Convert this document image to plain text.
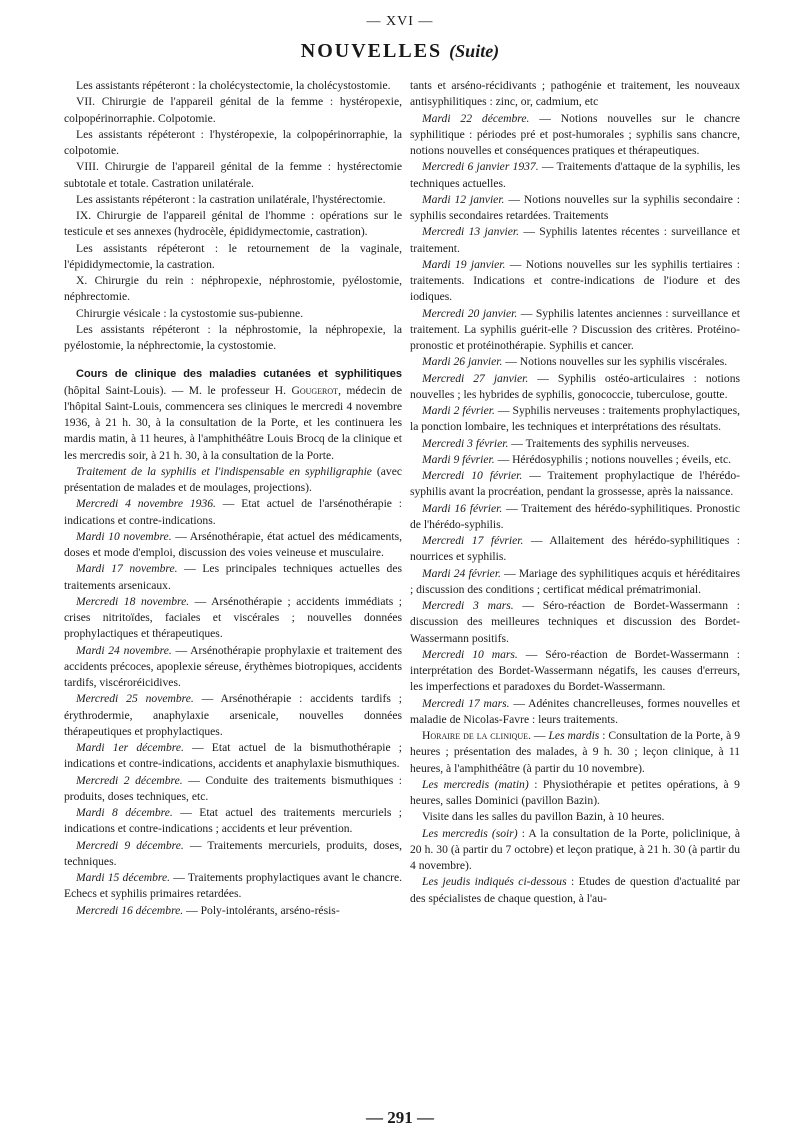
— XVI —
NOUVELLES (Suite)

Les assistants répéteront : la cholécystectomie, la cholécystostomie.

VII. Chirurgie de l'appareil génital de la femme : hystéropexie, colpopérinorraphie. Colpotomie.

Les assistants répéteront : l'hystéropexie, la colpopérinorraphie, la colpotomie.

VIII. Chirurgie de l'appareil génital de la femme : hystérectomie subtotale et totale. Castration unilatérale.

Les assistants répéteront : la castration unilatérale, l'hystérectomie.

IX. Chirurgie de l'appareil génital de l'homme : opérations sur le testicule et ses annexes (hydrocèle, épididymectomie, castration).

Les assistants répéteront : le retournement de la vaginale, l'épididymectomie, la castration.

X. Chirurgie du rein : néphropexie, néphrostomie, pyélostomie, néphrectomie.

Chirurgie vésicale : la cystostomie sus-pubienne.

Les assistants répéteront : la néphrostomie, la néphropexie, la pyélostomie, la néphrectomie, la cystostomie.

Cours de clinique des maladies cutanées et syphilitiques (hôpital Saint-Louis). — M. le professeur H. Gougerot, médecin de l'hôpital Saint-Louis, commencera ses cliniques le mercredi 4 novembre 1936, à 21 h. 30, à la consultation de la Porte, et les continuera les mardis matin, à 11 heures, à l'amphithéâtre Louis Brocq de la clinique et les mercredis soir, à 21 h. 30, à la consultation de la Porte.

Traitement de la syphilis et l'indispensable en syphiligraphie (avec présentation de malades et de moulages, projections).

Mercredi 4 novembre 1936. — Etat actuel de l'arsénothérapie : indications et contre-indications.

Mardi 10 novembre. — Arsénothérapie, état actuel des médicaments, doses et mode d'emploi, discussion des voies veineuse et musculaire.

Mardi 17 novembre. — Les principales techniques actuelles des traitements arsenicaux.

Mercredi 18 novembre. — Arsénothérapie ; accidents immédiats ; crises nitritoïdes, faciales et viscérales ; nouvelles données prophylactiques et thérapeutiques.

Mardi 24 novembre. — Arsénothérapie prophylaxie et traitement des accidents précoces, apoplexie séreuse, érythèmes biotropiques, accidents tardifs, viscéroréicidives.

Mercredi 25 novembre. — Arsénothérapie : accidents tardifs ; érythrodermie, anaphylaxie arsenicale, nouvelles données thérapeutiques et prophylactiques.

Mardi 1er décembre. — Etat actuel de la bismuthothérapie ; indications et contre-indications, accidents et anaphylaxie bismuthiques.

Mercredi 2 décembre. — Conduite des traitements bismuthiques : produits, doses techniques, etc.

Mardi 8 décembre. — Etat actuel des traitements mercuriels ; indications et contre-indications ; accidents et leur prévention.

Mercredi 9 décembre. — Traitements mercuriels, produits, doses, techniques.

Mardi 15 décembre. — Traitements prophylactiques avant le chancre. Echecs et syphilis primaires retardées.

Mercredi 16 décembre. — Poly-intolérants, arséno-résis-

tants et arséno-récidivants ; pathogénie et traitement, les nouveaux antisyphilitiques : zinc, or, cadmium, etc

Mardi 22 décembre. — Notions nouvelles sur le chancre syphilitique : périodes pré et post-humorales ; syphilis sans chancre, notions nouvelles et conséquences pratiques et thérapeutiques.

Mercredi 6 janvier 1937. — Traitements d'attaque de la syphilis, les techniques actuelles.

Mardi 12 janvier. — Notions nouvelles sur la syphilis secondaire : syphilis secondaires retardées. Traitements

Mercredi 13 janvier. — Syphilis latentes récentes : surveillance et traitement.

Mardi 19 janvier. — Notions nouvelles sur les syphilis tertiaires : traitements. Indications et contre-indications de l'iodure et des iodiques.

Mercredi 20 janvier. — Syphilis latentes anciennes : surveillance et traitement. La syphilis guérit-elle ? Discussion des critères. Protéino-pronostic et protéinothérapie. Syphilis et cancer.

Mardi 26 janvier. — Notions nouvelles sur les syphilis viscérales.

Mercredi 27 janvier. — Syphilis ostéo-articulaires : notions nouvelles ; les hybrides de syphilis, gonococcie, tuberculose, goutte.

Mardi 2 février. — Syphilis nerveuses : traitements prophylactiques, la ponction lombaire, les techniques et interprétations des résultats.

Mercredi 3 février. — Traitements des syphilis nerveuses.

Mardi 9 février. — Hérédosyphilis ; notions nouvelles ; éveils, etc.

Mercredi 10 février. — Traitement prophylactique de l'hérédo-syphilis avant la procréation, pendant la grossesse, après la naissance.

Mardi 16 février. — Traitement des hérédo-syphilitiques. Pronostic de l'hérédo-syphilis.

Mercredi 17 février. — Allaitement des hérédo-syphilitiques : nourrices et syphilis.

Mardi 24 février. — Mariage des syphilitiques acquis et héréditaires ; discussion des conditions ; certificat médical prématrimonial.

Mercredi 3 mars. — Séro-réaction de Bordet-Wassermann : discussion des meilleures techniques et discussion des Bordet-Wassermann positifs.

Mercredi 10 mars. — Séro-réaction de Bordet-Wassermann : interprétation des Bordet-Wassermann négatifs, les causes d'erreurs, les imperfections et paradoxes du Bordet-Wassermann.

Mercredi 17 mars. — Adénites chancrelleuses, formes nouvelles et maladie de Nicolas-Favre : leurs traitements.

Horaire de la clinique. — Les mardis : Consultation de la Porte, à 9 heures ; présentation des malades, à 9 h. 30 ; leçon clinique, à 11 heures, à l'amphithéâtre (à partir du 10 novembre).

Les mercredis (matin) : Physiothérapie et petites opérations, à 9 heures, salles Dominici (pavillon Bazin).

Visite dans les salles du pavillon Bazin, à 10 heures.

Les mercredis (soir) : A la consultation de la Porte, policlinique, à 20 h. 30 (à partir du 7 octobre) et leçon pratique, à 21 h. 30 (à partir du 4 novembre).

Les jeudis indiqués ci-dessous : Etudes de question d'actualité par des spécialistes de chaque question, à l'au-

— 291 —
